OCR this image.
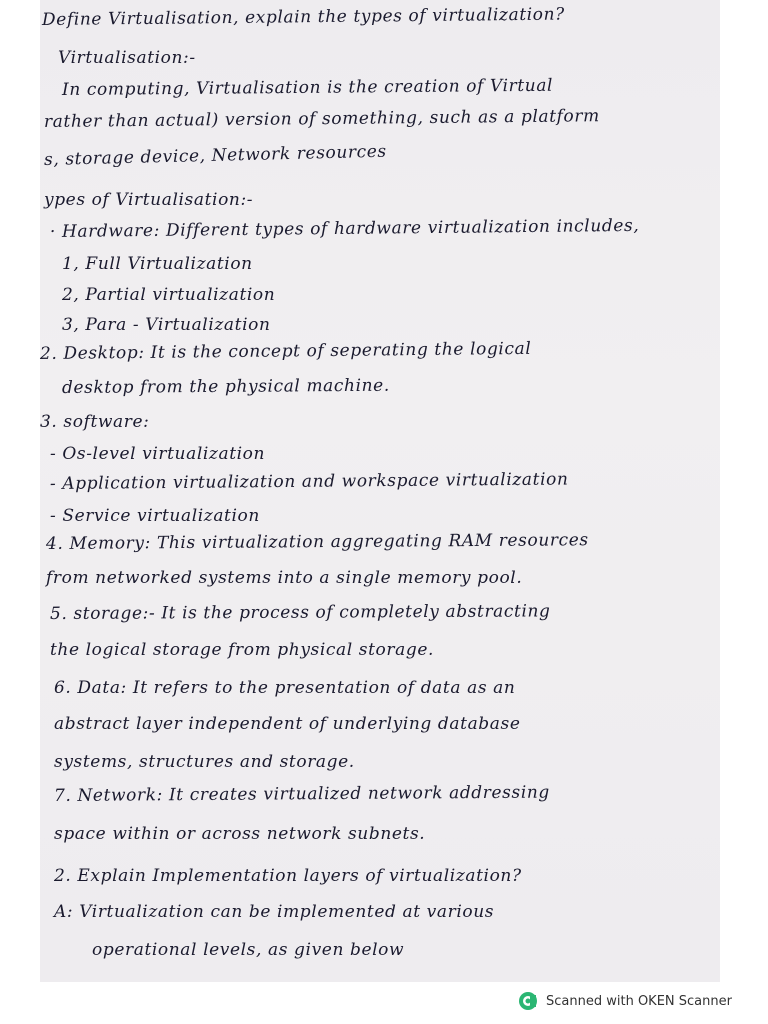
Define Virtualisation, explain the types of virtualization?
Virtualisation:-
In computing, Virtualisation is the creation of Virtual
rather than actual) version of something, such as a platform
s, storage device, Network resources
ypes of Virtualisation:-
· Hardware: Different types of hardware virtualization includes,
1, Full Virtualization
2, Partial virtualization
3, Para - Virtualization
2. Desktop: It is the concept of seperating the logical
desktop from the physical machine.
3. software:
- Os-level virtualization
- Application virtualization and workspace virtualization
- Service virtualization
4. Memory: This virtualization aggregating RAM resources
from networked systems into a single memory pool.
5. storage:- It is the process of completely abstracting
the logical storage from physical storage.
6. Data: It refers to the presentation of data as an
abstract layer independent of underlying database
systems, structures and storage.
7. Network: It creates virtualized network addressing
space within or across network subnets.
2. Explain Implementation layers of virtualization?
A: Virtualization can be implemented at various
operational levels, as given below
Scanned with OKEN Scanner
